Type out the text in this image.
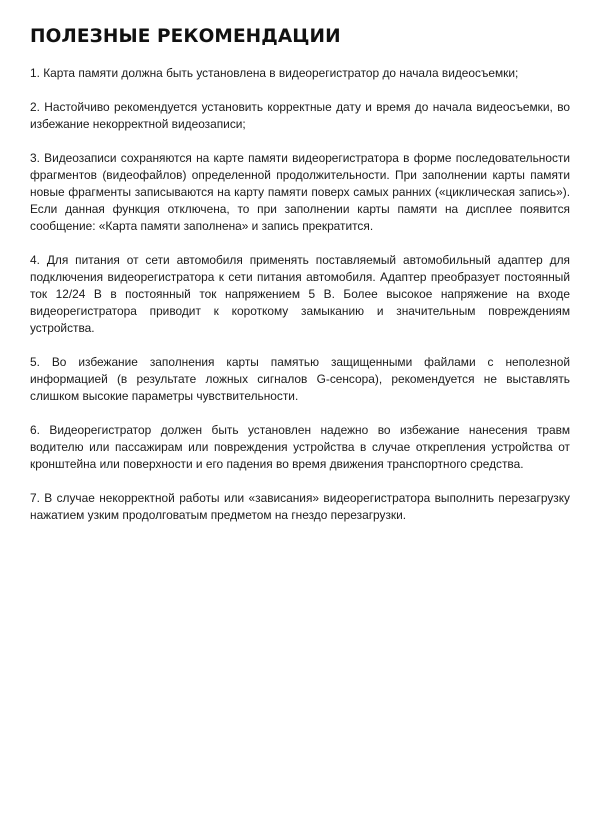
ПОЛЕЗНЫЕ РЕКОМЕНДАЦИИ

1. Карта памяти должна быть установлена в видеорегистратор до начала видеосъемки;

2. Настойчиво рекомендуется установить корректные дату и время до начала видеосъемки, во избежание некорректной видеозаписи;

3. Видеозаписи сохраняются на карте памяти видеорегистратора в форме последовательности фрагментов (видеофайлов) определенной продолжительности. При заполнении карты памяти новые фрагменты записываются на карту памяти поверх самых ранних («циклическая запись»). Если данная функция отключена, то при заполнении карты памяти на дисплее появится сообщение: «Карта памяти заполнена» и запись прекратится.

4. Для питания от сети автомобиля применять поставляемый автомобильный адаптер для подключения видеорегистратора к сети питания автомобиля. Адаптер преобразует постоянный ток 12/24 В в постоянный ток напряжением 5 В. Более высокое напряжение на входе видеорегистратора приводит к короткому замыканию и значительным повреждениям устройства.

5. Во избежание заполнения карты памятью защищенными файлами с неполезной информацией (в результате ложных сигналов G-сенсора), рекомендуется не выставлять слишком высокие параметры чувствительности.

6. Видеорегистратор должен быть установлен надежно во избежание нанесения травм водителю или пассажирам или повреждения устройства в случае открепления устройства от кронштейна или поверхности и его падения во время движения транспортного средства.

7. В случае некорректной работы или «зависания» видеорегистратора выполнить перезагрузку нажатием узким продолговатым предметом на гнездо перезагрузки.
